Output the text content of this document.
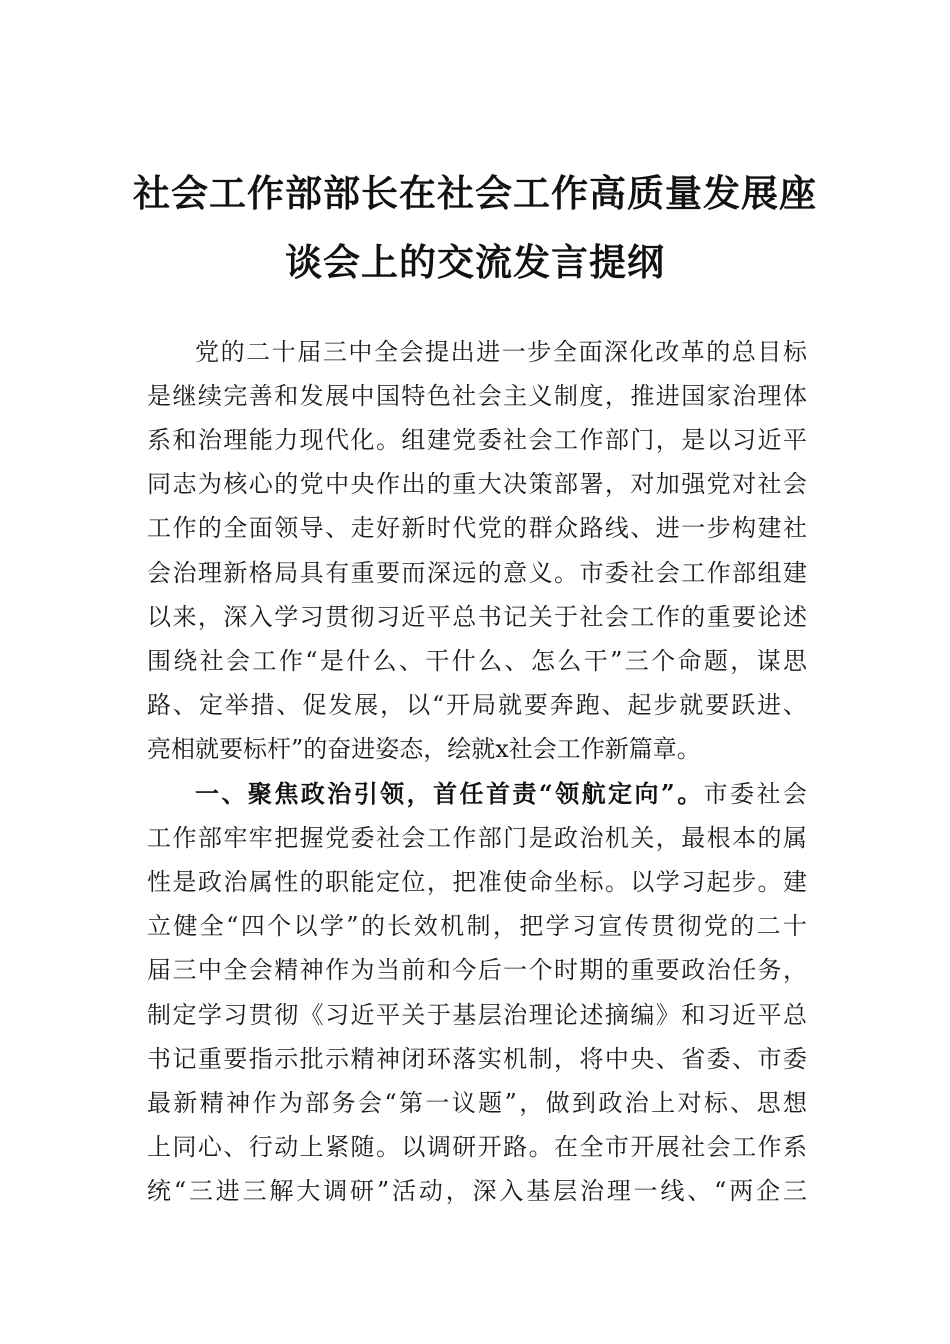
社会工作部部长在社会工作高质量发展座
谈会上的交流发言提纲
党的二十届三中全会提出进一步全面深化改革的总目标
是继续完善和发展中国特色社会主义制度，推进国家治理体
系和治理能力现代化。组建党委社会工作部门，是以习近平
同志为核心的党中央作出的重大决策部署，对加强党对社会
工作的全面领导、走好新时代党的群众路线、进一步构建社
会治理新格局具有重要而深远的意义。市委社会工作部组建
以来，深入学习贯彻习近平总书记关于社会工作的重要论述
围绕社会工作“是什么、干什么、怎么干”三个命题，谋思
路、定举措、促发展，以“开局就要奔跑、起步就要跃进、
亮相就要标杆”的奋进姿态，绘就x社会工作新篇章。
一、聚焦政治引领，首任首责“领航定向”。市委社会
工作部牢牢把握党委社会工作部门是政治机关，最根本的属
性是政治属性的职能定位，把准使命坐标。以学习起步。建
立健全“四个以学”的长效机制，把学习宣传贯彻党的二十
届三中全会精神作为当前和今后一个时期的重要政治任务，
制定学习贯彻《习近平关于基层治理论述摘编》和习近平总
书记重要指示批示精神闭环落实机制，将中央、省委、市委
最新精神作为部务会“第一议题”，做到政治上对标、思想
上同心、行动上紧随。以调研开路。在全市开展社会工作系
统“三进三解大调研”活动，深入基层治理一线、“两企三
